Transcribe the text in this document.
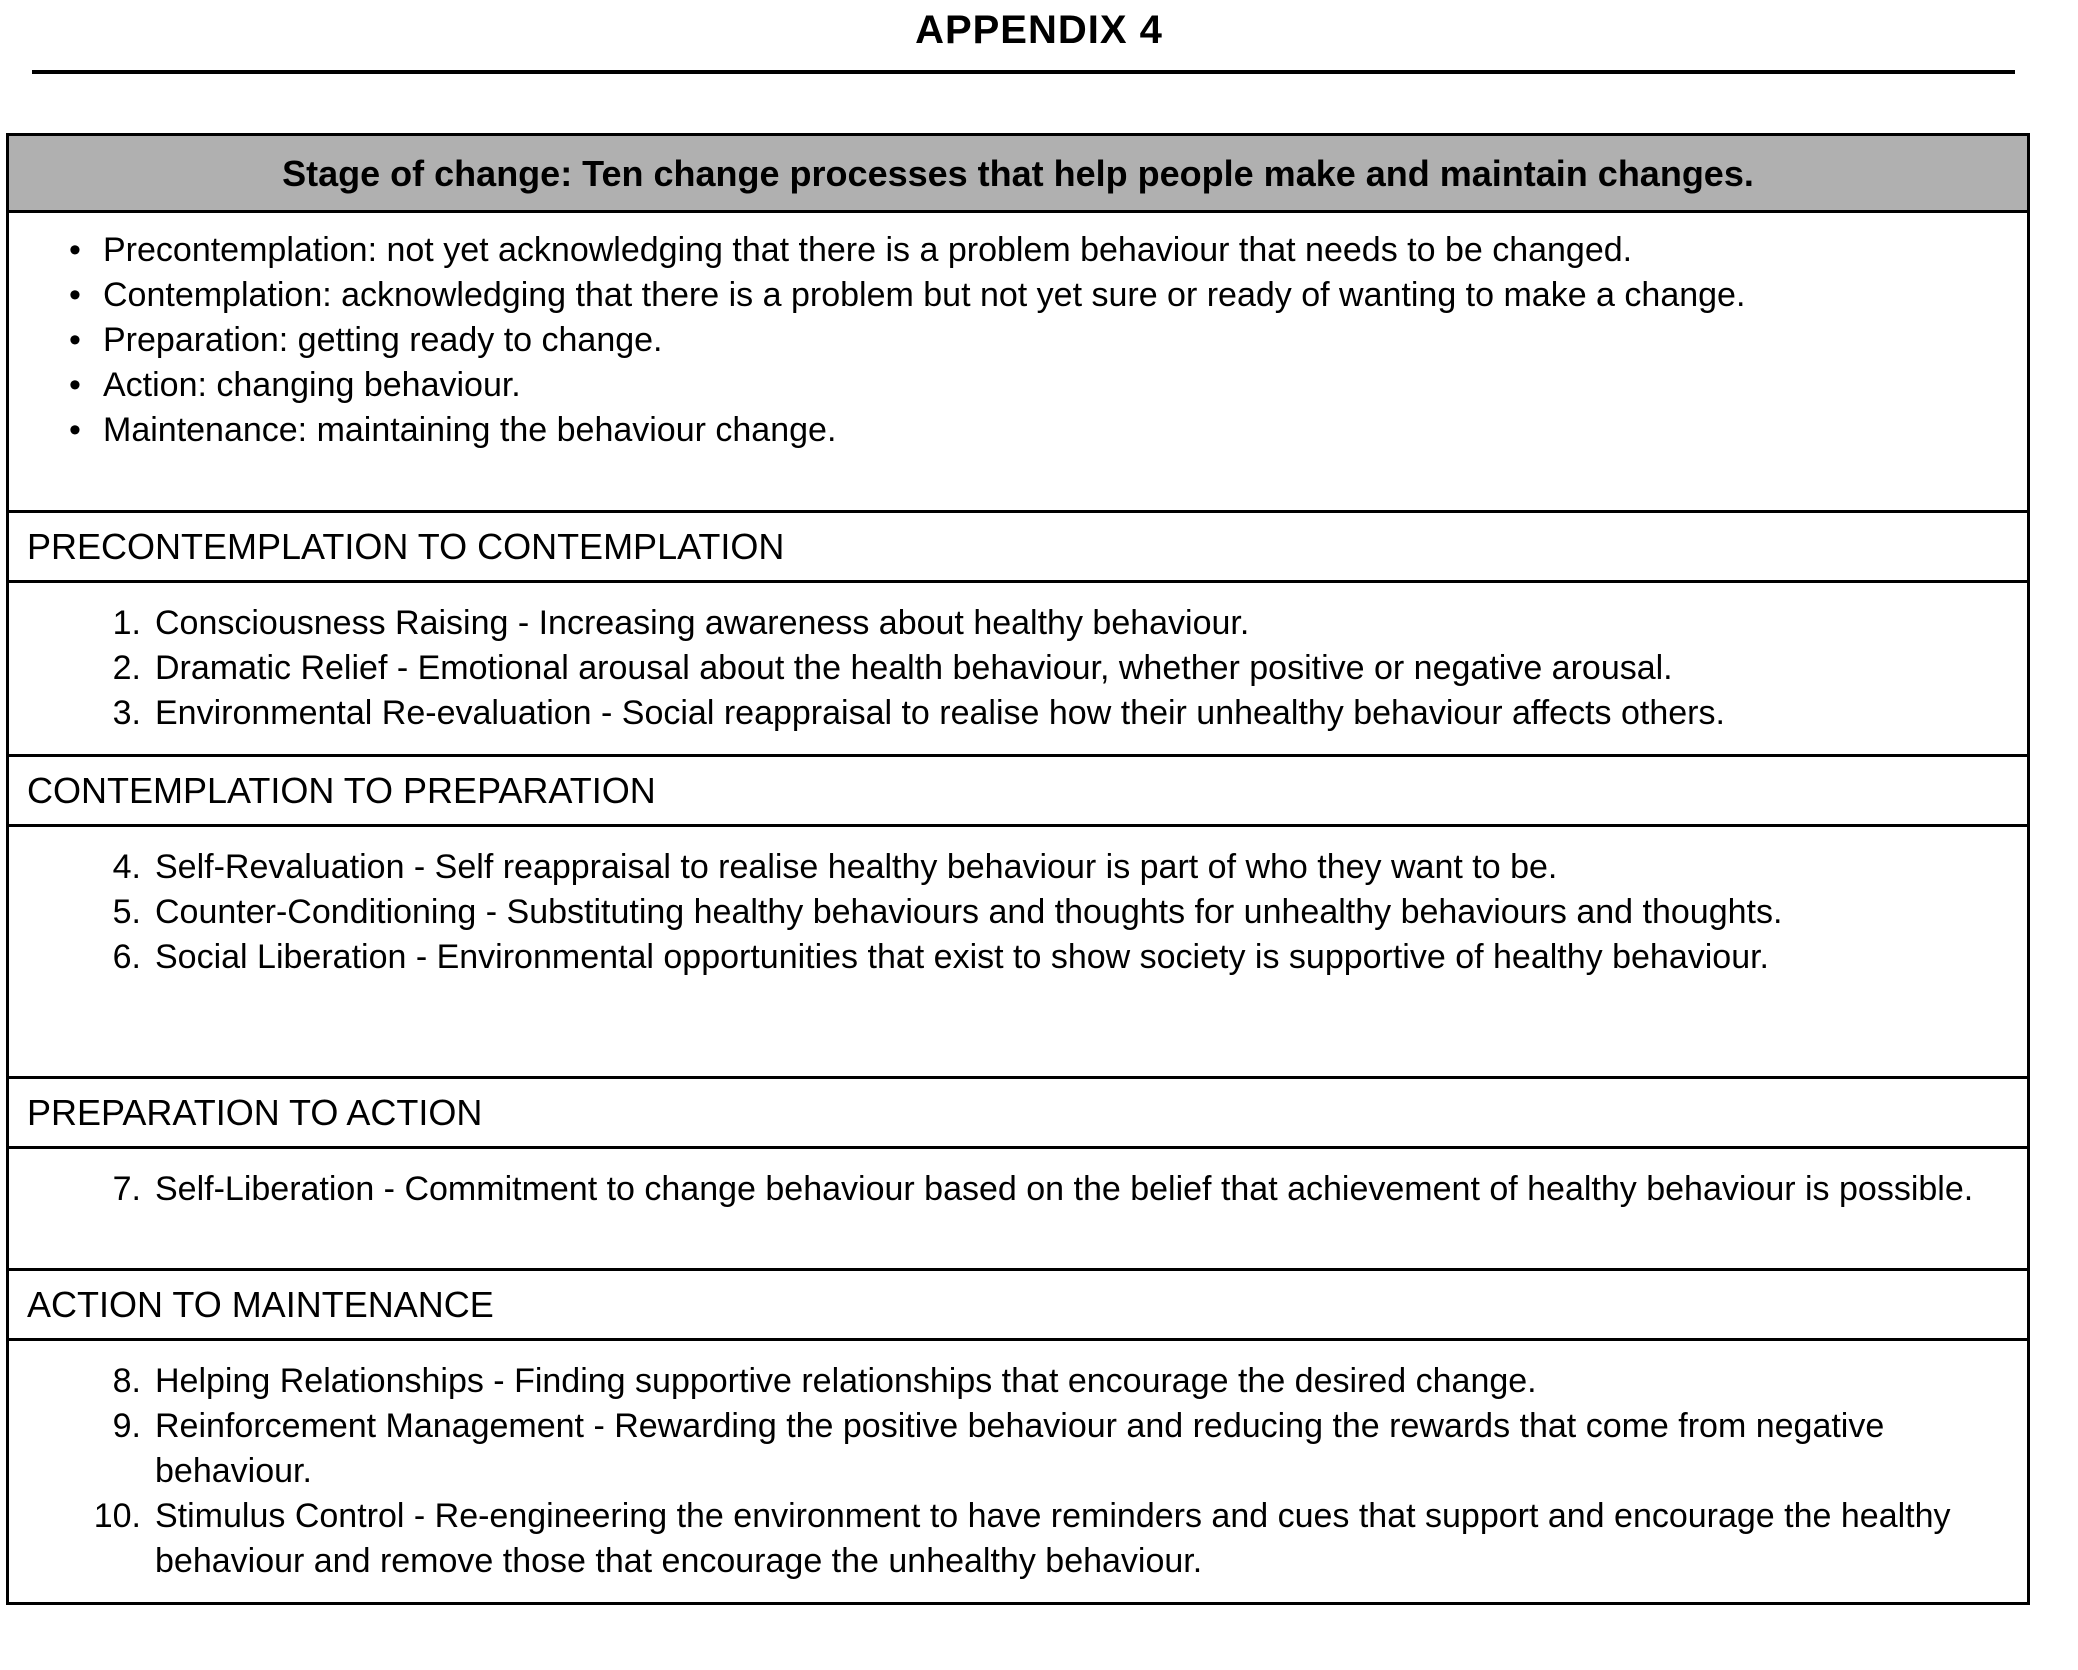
APPENDIX 4
Stage of change: Ten change processes that help people make and maintain changes.
• Precontemplation: not yet acknowledging that there is a problem behaviour that needs to be changed.
• Contemplation: acknowledging that there is a problem but not yet sure or ready of wanting to make a change.
• Preparation: getting ready to change.
• Action: changing behaviour.
• Maintenance: maintaining the behaviour change.
PRECONTEMPLATION TO CONTEMPLATION
1. Consciousness Raising - Increasing awareness about healthy behaviour.
2. Dramatic Relief - Emotional arousal about the health behaviour, whether positive or negative arousal.
3. Environmental Re-evaluation - Social reappraisal to realise how their unhealthy behaviour affects others.
CONTEMPLATION TO PREPARATION
4. Self-Revaluation - Self reappraisal to realise healthy behaviour is part of who they want to be.
5. Counter-Conditioning - Substituting healthy behaviours and thoughts for unhealthy behaviours and thoughts.
6. Social Liberation - Environmental opportunities that exist to show society is supportive of healthy behaviour.
PREPARATION TO ACTION
7. Self-Liberation - Commitment to change behaviour based on the belief that achievement of healthy behaviour is possible.
ACTION TO MAINTENANCE
8. Helping Relationships - Finding supportive relationships that encourage the desired change.
9. Reinforcement Management - Rewarding the positive behaviour and reducing the rewards that come from negative behaviour.
10. Stimulus Control - Re-engineering the environment to have reminders and cues that support and encourage the healthy behaviour and remove those that encourage the unhealthy behaviour.
